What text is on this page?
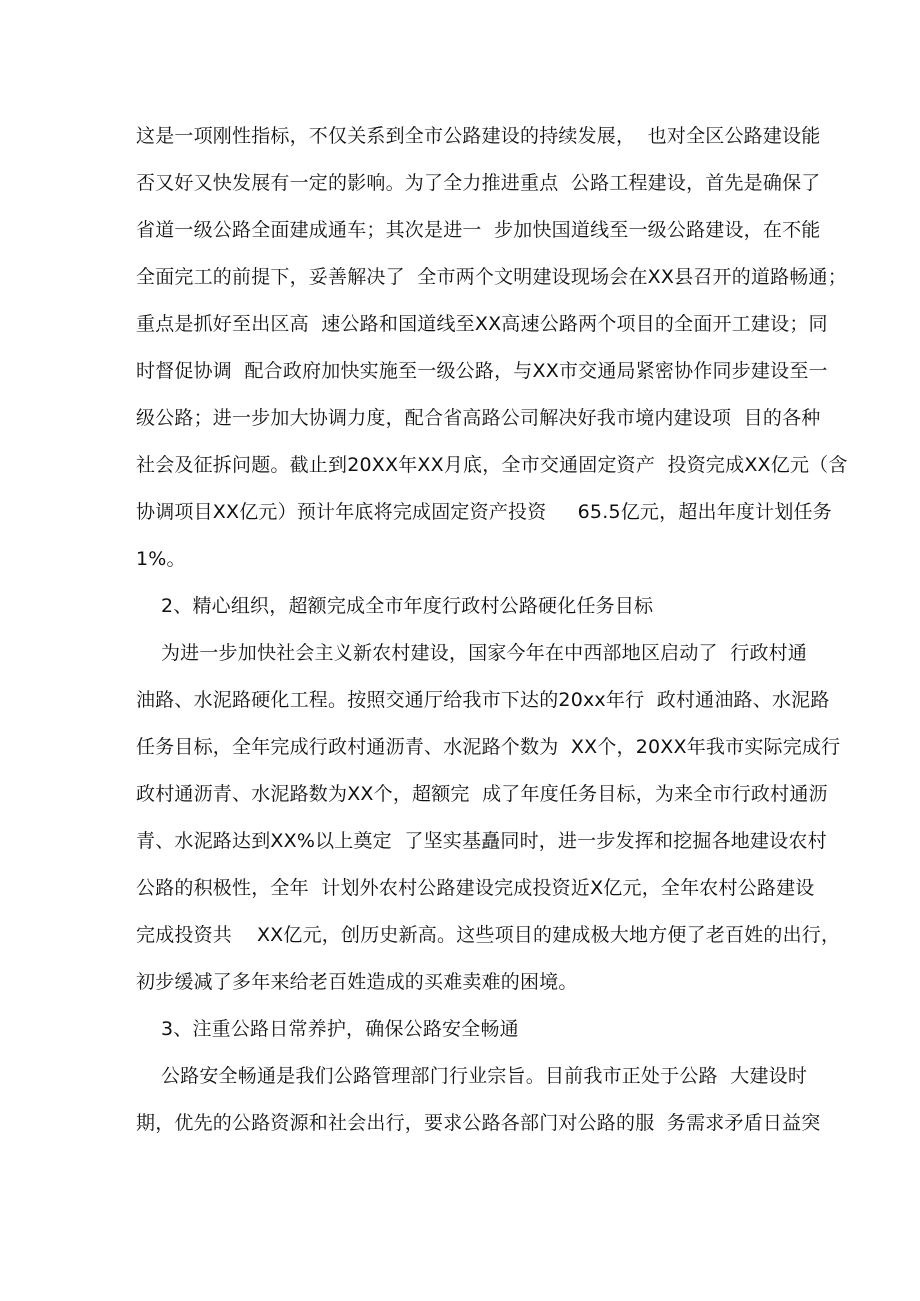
这是一项刚性指标，不仅关系到全市公路建设的持续发展，  也对全区公路建设能
否又好又快发展有一定的影响。为了全力推进重点  公路工程建设，首先是确保了
省道一级公路全面建成通车；其次是进一  步加快国道线至一级公路建设，在不能
全面完工的前提下，妥善解决了  全市两个文明建设现场会在XX县召开的道路畅通；
重点是抓好至出区高  速公路和国道线至XX高速公路两个项目的全面开工建设；同
时督促协调  配合政府加快实施至一级公路，与XX市交通局紧密协作同步建设至一
级公路；进一步加大协调力度，配合省高路公司解决好我市境内建设项  目的各种
社会及征拆问题。截止到20XX年XX月底，全市交通固定资产  投资完成XX亿元（含
协调项目XX亿元）预计年底将完成固定资产投资     65.5亿元，超出年度计划任务
1%。
2、精心组织，超额完成全市年度行政村公路硬化任务目标
为进一步加快社会主义新农村建设，国家今年在中西部地区启动了  行政村通
油路、水泥路硬化工程。按照交通厅给我市下达的20xx年行  政村通油路、水泥路
任务目标，全年完成行政村通沥青、水泥路个数为  XX个，20XX年我市实际完成行
政村通沥青、水泥路数为XX个，超额完  成了年度任务目标，为来全市行政村通沥
青、水泥路达到XX%以上奠定  了坚实基矗同时，进一步发挥和挖掘各地建设农村
公路的积极性，全年  计划外农村公路建设完成投资近X亿元，全年农村公路建设
完成投资共    XX亿元，创历史新高。这些项目的建成极大地方便了老百姓的出行，
初步缓减了多年来给老百姓造成的买难卖难的困境。
3、注重公路日常养护，确保公路安全畅通
公路安全畅通是我们公路管理部门行业宗旨。目前我市正处于公路  大建设时
期，优先的公路资源和社会出行，要求公路各部门对公路的服  务需求矛盾日益突
